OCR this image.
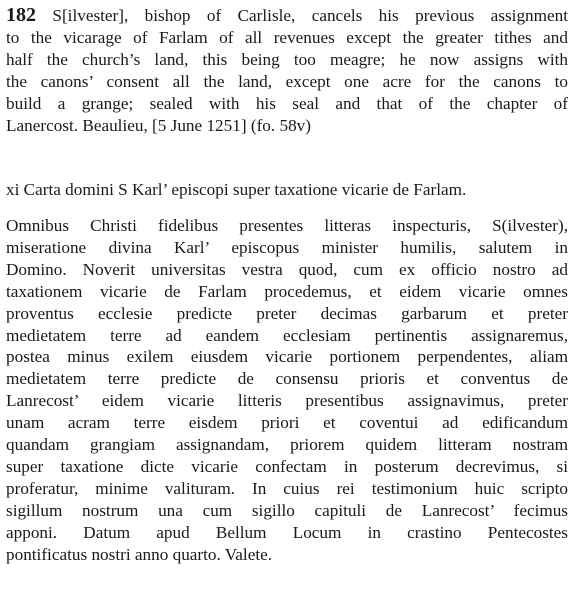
182 S[ilvester], bishop of Carlisle, cancels his previous assignment
to the vicarage of Farlam of all revenues except the greater tithes and
half the church’s land, this being too meagre; he now assigns with
the canons’ consent all the land, except one acre for the canons to
build a grange; sealed with his seal and that of the chapter of
Lanercost. Beaulieu, [5 June 1251] (fo. 58v)
xi Carta domini S Karl’ episcopi super taxatione vicarie de Farlam.
Omnibus Christi fidelibus presentes litteras inspecturis, S(ilvester),
miseratione divina Karl’ episcopus minister humilis, salutem in
Domino. Noverit universitas vestra quod, cum ex officio nostro ad
taxationem vicarie de Farlam procedemus, et eidem vicarie omnes
proventus ecclesie predicte preter decimas garbarum et preter
medietatem terre ad eandem ecclesiam pertinentis assignaremus,
postea minus exilem eiusdem vicarie portionem perpendentes, aliam
medietatem terre predicte de consensu prioris et conventus de
Lanrecost’ eidem vicarie litteris presentibus assignavimus, preter
unam acram terre eisdem priori et coventui ad edificandum
quandam grangiam assignandam, priorem quidem litteram nostram
super taxatione dicte vicarie confectam in posterum decrevimus, si
proferatur, minime valituram. In cuius rei testimonium huic scripto
sigillum nostrum una cum sigillo capituli de Lanrecost’ fecimus
apponi. Datum apud Bellum Locum in crastino Pentecostes
pontificatus nostri anno quarto. Valete.
